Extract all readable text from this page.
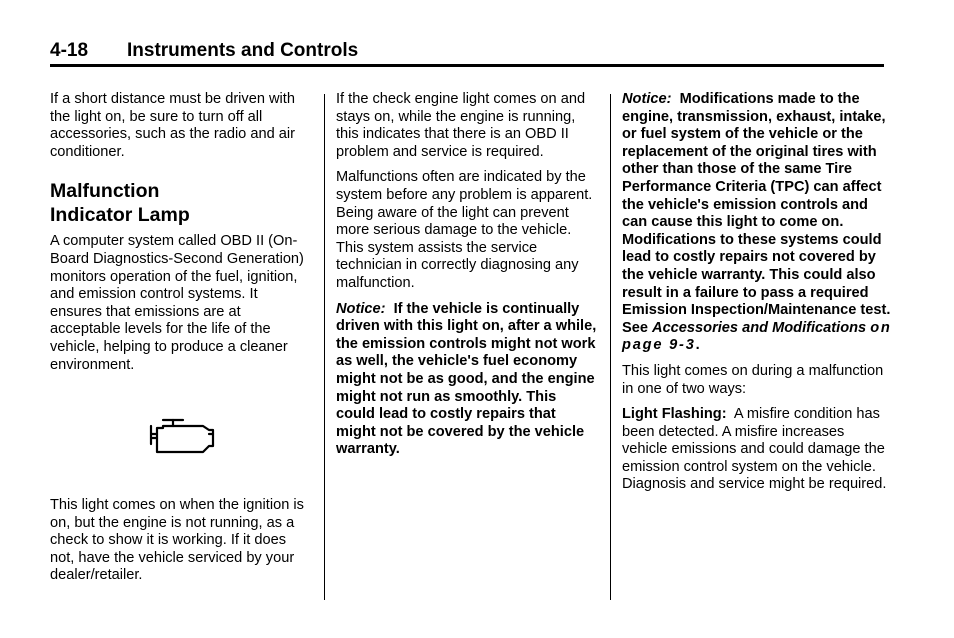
4-18 Instruments and Controls

If a short distance must be driven with the light on, be sure to turn off all accessories, such as the radio and air conditioner.

Malfunction
Indicator Lamp

A computer system called OBD II (On-Board Diagnostics-Second Generation) monitors operation of the fuel, ignition, and emission control systems. It ensures that emissions are at acceptable levels for the life of the vehicle, helping to produce a cleaner environment.

This light comes on when the ignition is on, but the engine is not running, as a check to show it is working. If it does not, have the vehicle serviced by your dealer/retailer.

If the check engine light comes on and stays on, while the engine is running, this indicates that there is an OBD II problem and service is required.

Malfunctions often are indicated by the system before any problem is apparent. Being aware of the light can prevent more serious damage to the vehicle. This system assists the service technician in correctly diagnosing any malfunction.

Notice: If the vehicle is continually driven with this light on, after a while, the emission controls might not work as well, the vehicle's fuel economy might not be as good, and the engine might not run as smoothly. This could lead to costly repairs that might not be covered by the vehicle warranty.

Notice: Modifications made to the engine, transmission, exhaust, intake, or fuel system of the vehicle or the replacement of the original tires with other than those of the same Tire Performance Criteria (TPC) can affect the vehicle's emission controls and can cause this light to come on. Modifications to these systems could lead to costly repairs not covered by the vehicle warranty. This could also result in a failure to pass a required Emission Inspection/Maintenance test. See Accessories and Modifications on page 9-3.

This light comes on during a malfunction in one of two ways:

Light Flashing: A misfire condition has been detected. A misfire increases vehicle emissions and could damage the emission control system on the vehicle. Diagnosis and service might be required.
